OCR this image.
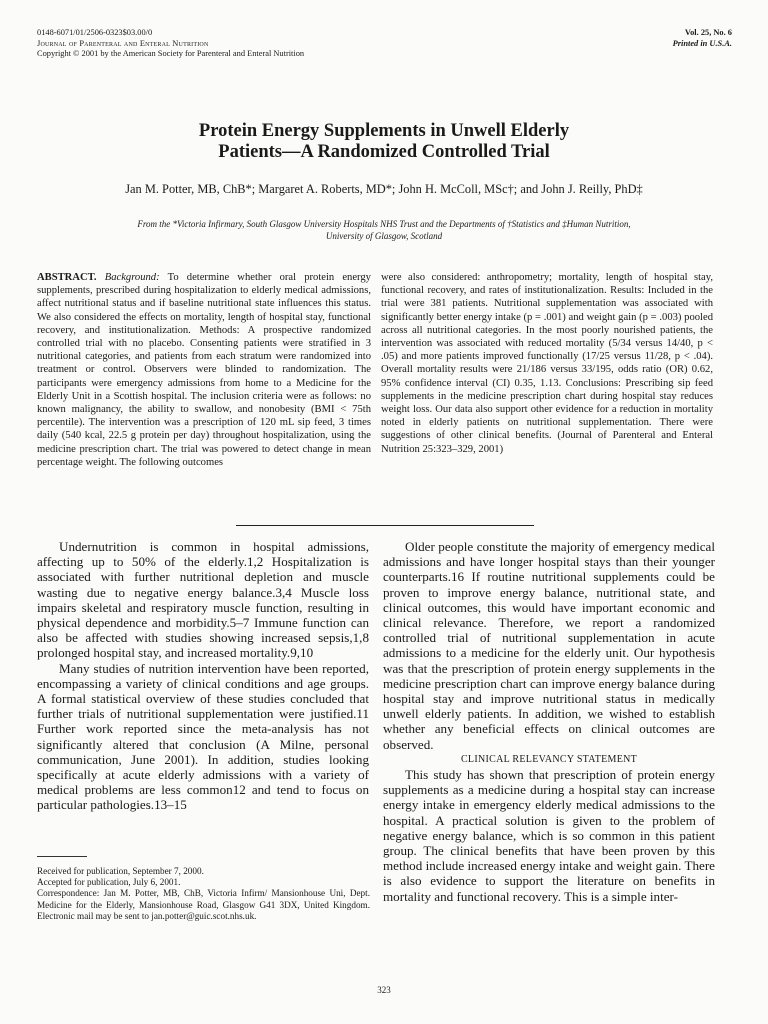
0148-6071/01/2506-0323$03.00/0
Journal of Parenteral and Enteral Nutrition
Copyright © 2001 by the American Society for Parenteral and Enteral Nutrition
Vol. 25, No. 6
Printed in U.S.A.
Protein Energy Supplements in Unwell Elderly
Patients—A Randomized Controlled Trial
Jan M. Potter, MB, ChB*; Margaret A. Roberts, MD*; John H. McColl, MSc†; and John J. Reilly, PhD‡
From the *Victoria Infirmary, South Glasgow University Hospitals NHS Trust and the Departments of †Statistics and ‡Human Nutrition,
University of Glasgow, Scotland
ABSTRACT. Background: To determine whether oral protein energy supplements, prescribed during hospitalization to elderly medical admissions, affect nutritional status and if baseline nutritional state influences this status. We also considered the effects on mortality, length of hospital stay, functional recovery, and institutionalization. Methods: A prospective randomized controlled trial with no placebo. Consenting patients were stratified in 3 nutritional categories, and patients from each stratum were randomized into treatment or control. Observers were blinded to randomization. The participants were emergency admissions from home to a Medicine for the Elderly Unit in a Scottish hospital. The inclusion criteria were as follows: no known malignancy, the ability to swallow, and nonobesity (BMI < 75th percentile). The intervention was a prescription of 120 mL sip feed, 3 times daily (540 kcal, 22.5 g protein per day) throughout hospitalization, using the medicine prescription chart. The trial was powered to detect change in mean percentage weight. The following outcomes
were also considered: anthropometry; mortality, length of hospital stay, functional recovery, and rates of institutionalization. Results: Included in the trial were 381 patients. Nutritional supplementation was associated with significantly better energy intake (p = .001) and weight gain (p = .003) pooled across all nutritional categories. In the most poorly nourished patients, the intervention was associated with reduced mortality (5/34 versus 14/40, p < .05) and more patients improved functionally (17/25 versus 11/28, p < .04). Overall mortality results were 21/186 versus 33/195, odds ratio (OR) 0.62, 95% confidence interval (CI) 0.35, 1.13. Conclusions: Prescribing sip feed supplements in the medicine prescription chart during hospital stay reduces weight loss. Our data also support other evidence for a reduction in mortality noted in elderly patients on nutritional supplementation. There were suggestions of other clinical benefits. (Journal of Parenteral and Enteral Nutrition 25:323–329, 2001)

Undernutrition is common in hospital admissions, affecting up to 50% of the elderly.1,2 Hospitalization is associated with further nutritional depletion and muscle wasting due to negative energy balance.3,4 Muscle loss impairs skeletal and respiratory muscle function, resulting in physical dependence and morbidity.5–7 Immune function can also be affected with studies showing increased sepsis,1,8 prolonged hospital stay, and increased mortality.9,10

Many studies of nutrition intervention have been reported, encompassing a variety of clinical conditions and age groups. A formal statistical overview of these studies concluded that further trials of nutritional supplementation were justified.11 Further work reported since the meta-analysis has not significantly altered that conclusion (A Milne, personal communication, June 2001). In addition, studies looking specifically at acute elderly admissions with a variety of medical problems are less common12 and tend to focus on particular pathologies.13–15

Older people constitute the majority of emergency medical admissions and have longer hospital stays than their younger counterparts.16 If routine nutritional supplements could be proven to improve energy balance, nutritional state, and clinical outcomes, this would have important economic and clinical relevance. Therefore, we report a randomized controlled trial of nutritional supplementation in acute admissions to a medicine for the elderly unit. Our hypothesis was that the prescription of protein energy supplements in the medicine prescription chart can improve energy balance during hospital stay and improve nutritional status in medically unwell elderly patients. In addition, we wished to establish whether any beneficial effects on clinical outcomes are observed.

CLINICAL RELEVANCY STATEMENT

This study has shown that prescription of protein energy supplements as a medicine during a hospital stay can increase energy intake in emergency elderly medical admissions to the hospital. A practical solution is given to the problem of negative energy balance, which is so common in this patient group. The clinical benefits that have been proven by this method include increased energy intake and weight gain. There is also evidence to support the literature on benefits in mortality and functional recovery. This is a simple inter-

Received for publication, September 7, 2000.
Accepted for publication, July 6, 2001.
Correspondence: Jan M. Potter, MB, ChB, Victoria Infirm/ Mansionhouse Uni, Dept. Medicine for the Elderly, Mansionhouse Road, Glasgow G41 3DX, United Kingdom. Electronic mail may be sent to jan.potter@guic.scot.nhs.uk.
323
